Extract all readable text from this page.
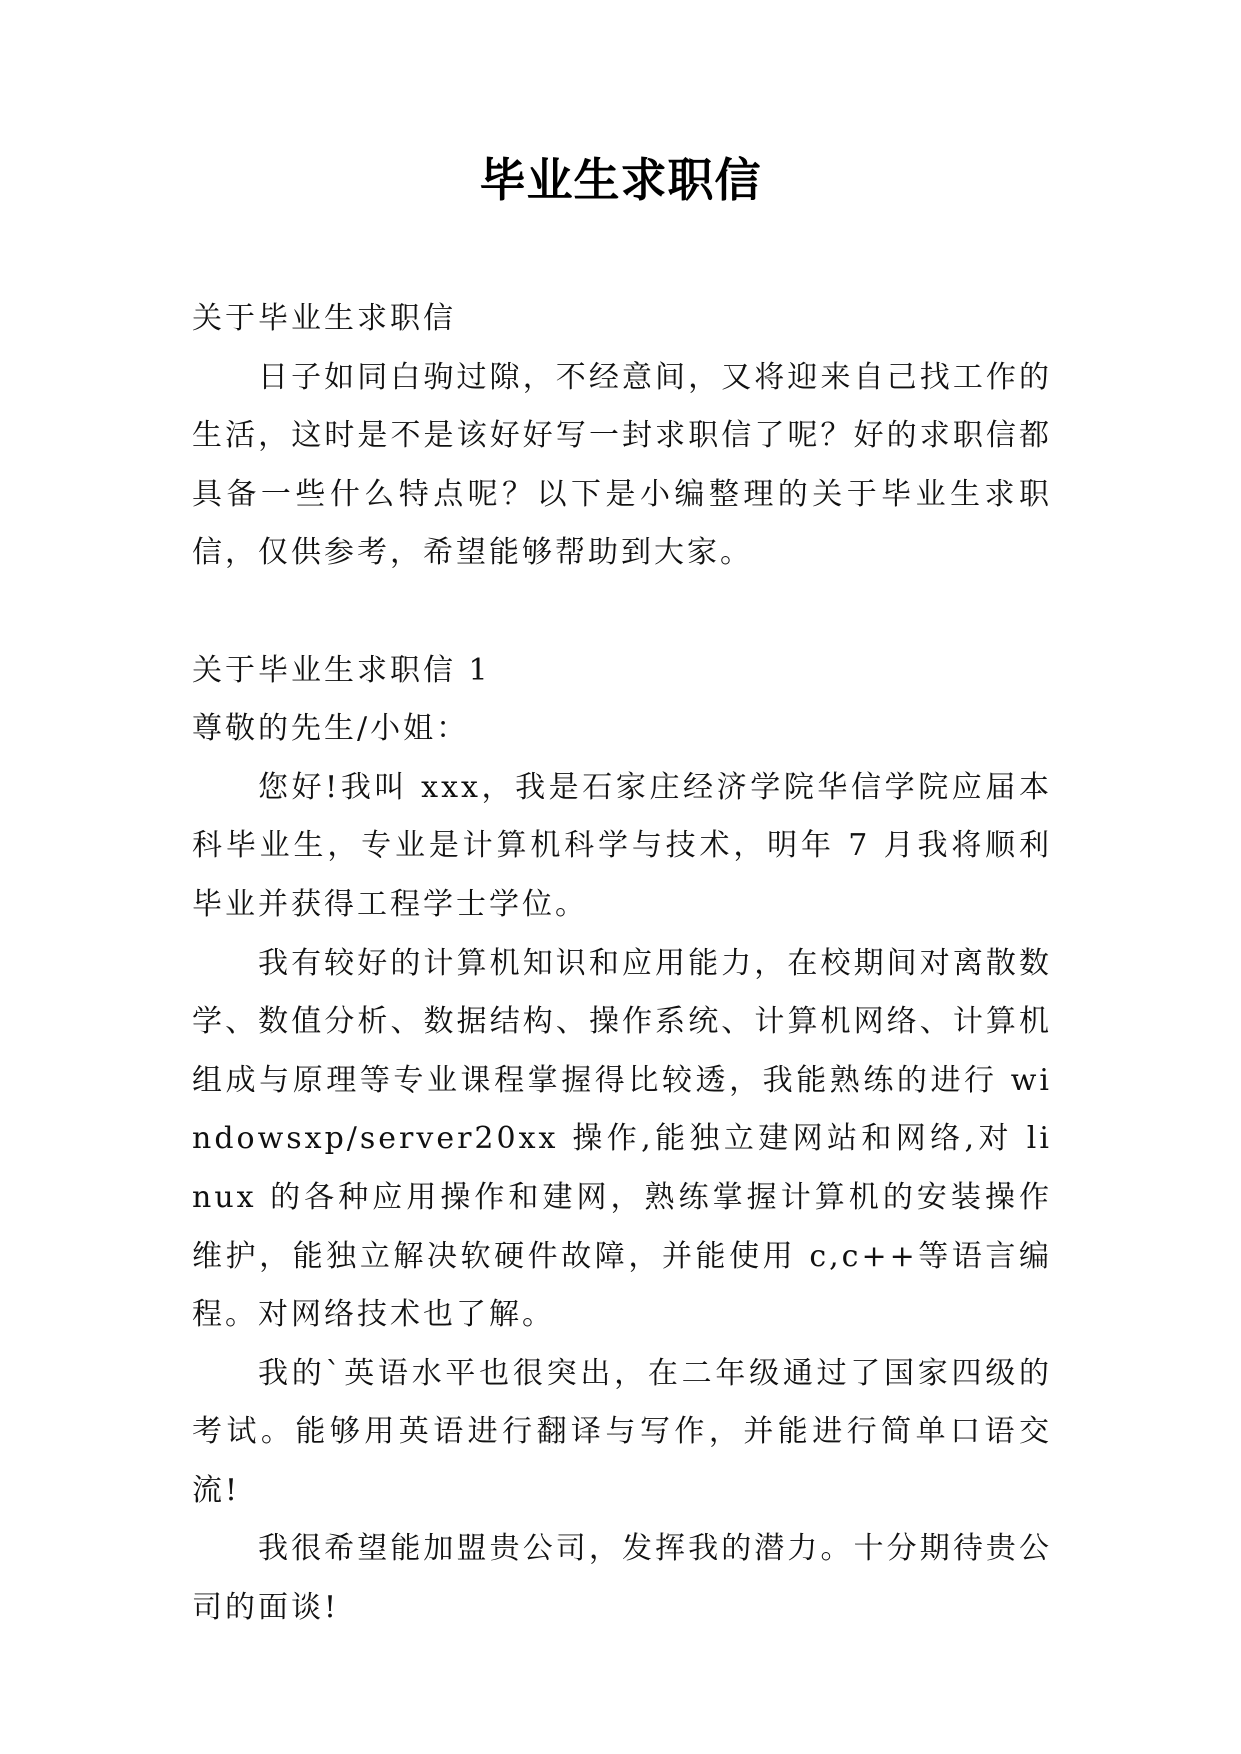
毕业生求职信

关于毕业生求职信

日子如同白驹过隙，不经意间，又将迎来自己找工作的生活，这时是不是该好好写一封求职信了呢？好的求职信都具备一些什么特点呢？以下是小编整理的关于毕业生求职信，仅供参考，希望能够帮助到大家。

关于毕业生求职信 1

尊敬的先生/小姐：

您好!我叫 xxx，我是石家庄经济学院华信学院应届本科毕业生，专业是计算机科学与技术，明年 7 月我将顺利毕业并获得工程学士学位。

我有较好的计算机知识和应用能力，在校期间对离散数学、数值分析、数据结构、操作系统、计算机网络、计算机组成与原理等专业课程掌握得比较透，我能熟练的进行 windowsxp/server20xx 操作,能独立建网站和网络,对 linux 的各种应用操作和建网，熟练掌握计算机的安装操作维护，能独立解决软硬件故障，并能使用 c,c++等语言编程。对网络技术也了解。

我的`英语水平也很突出，在二年级通过了国家四级的考试。能够用英语进行翻译与写作，并能进行简单口语交流!

我很希望能加盟贵公司，发挥我的潜力。十分期待贵公司的面谈!
